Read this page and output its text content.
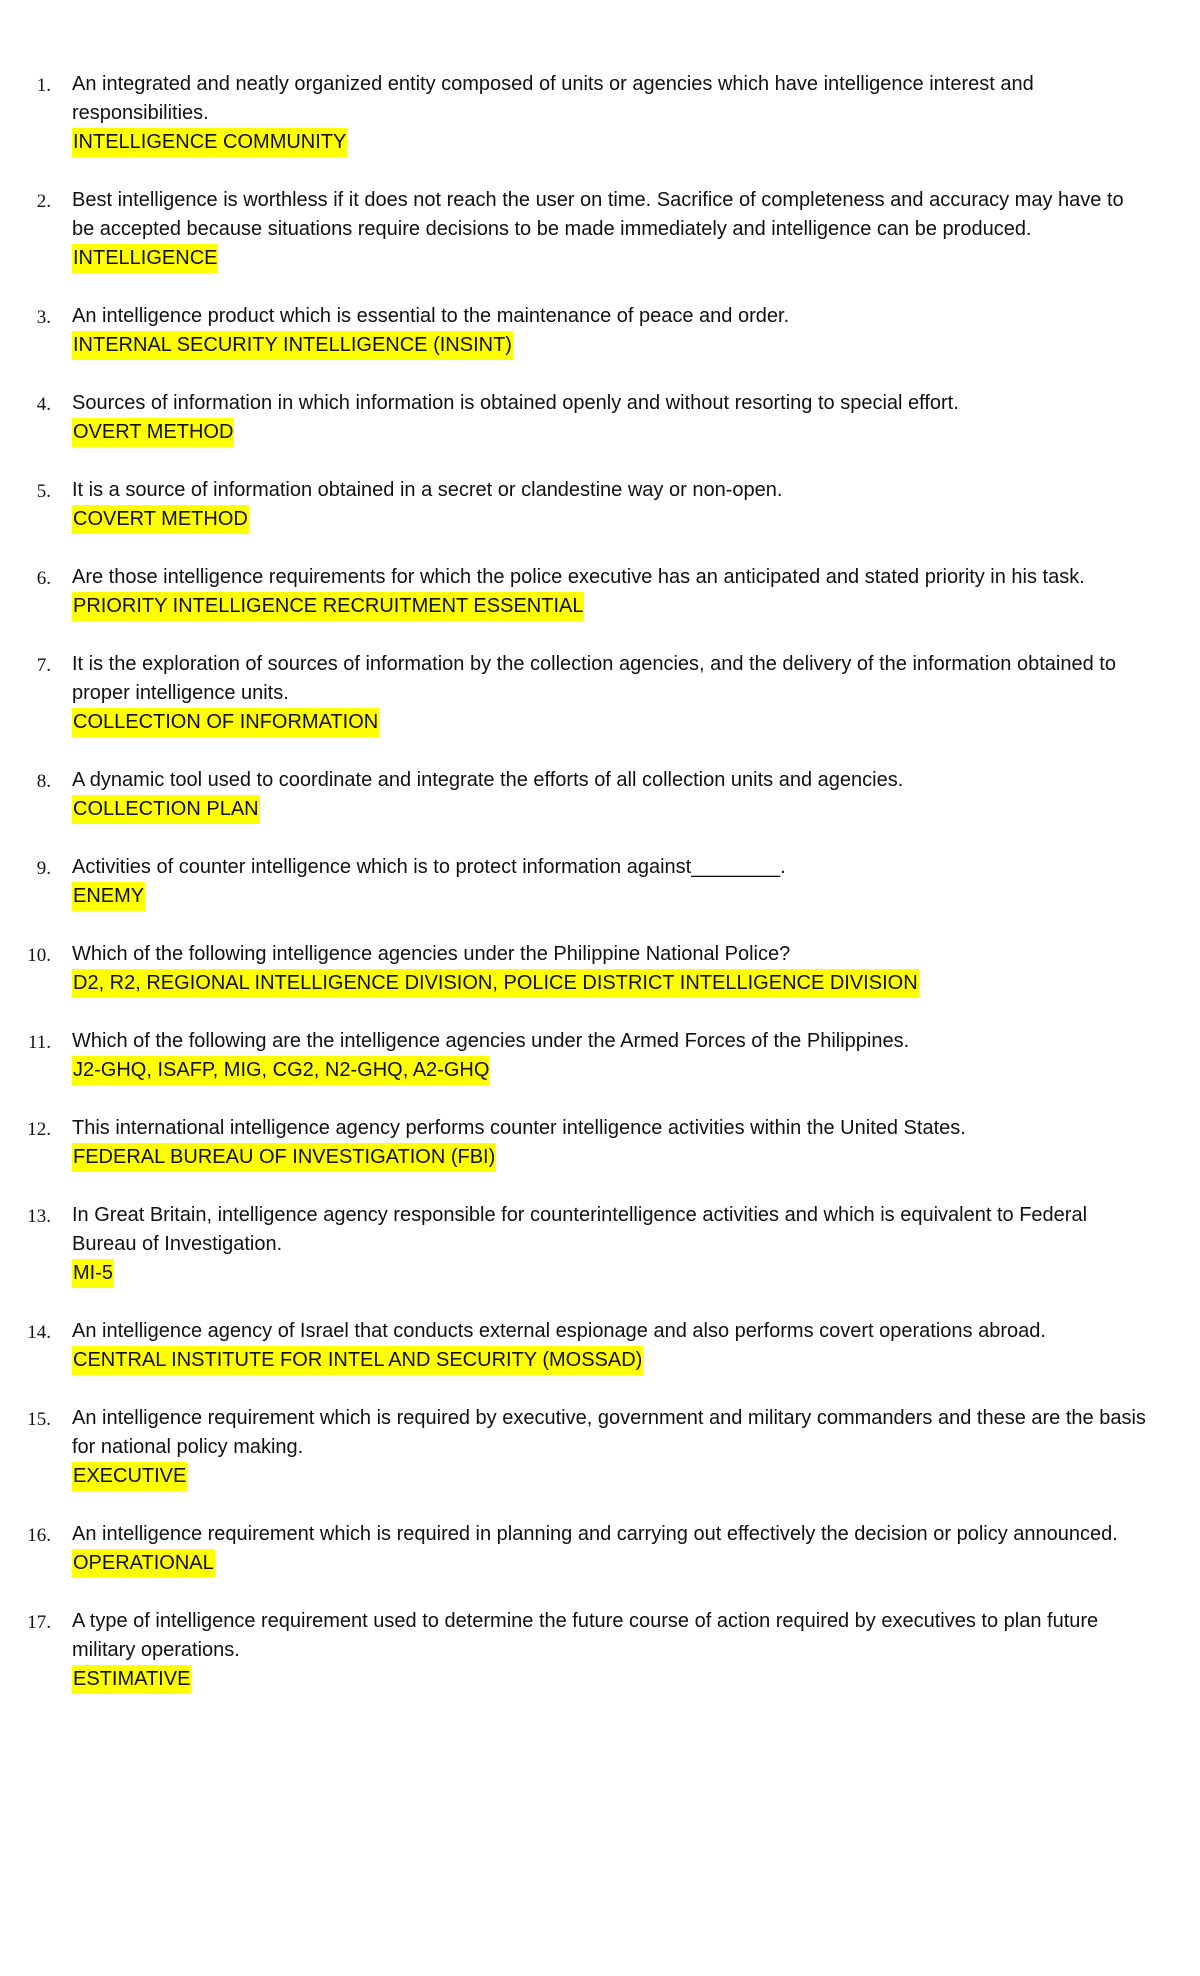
1. An integrated and neatly organized entity composed of units or agencies which have intelligence interest and responsibilities.
INTELLIGENCE COMMUNITY
2. Best intelligence is worthless if it does not reach the user on time. Sacrifice of completeness and accuracy may have to be accepted because situations require decisions to be made immediately and intelligence can be produced.
INTELLIGENCE
3. An intelligence product which is essential to the maintenance of peace and order.
INTERNAL SECURITY INTELLIGENCE (INSINT)
4. Sources of information in which information is obtained openly and without resorting to special effort.
OVERT METHOD
5. It is a source of information obtained in a secret or clandestine way or non-open.
COVERT METHOD
6. Are those intelligence requirements for which the police executive has an anticipated and stated priority in his task.
PRIORITY INTELLIGENCE RECRUITMENT ESSENTIAL
7. It is the exploration of sources of information by the collection agencies, and the delivery of the information obtained to proper intelligence units.
COLLECTION OF INFORMATION
8. A dynamic tool used to coordinate and integrate the efforts of all collection units and agencies.
COLLECTION PLAN
9. Activities of counter intelligence which is to protect information against________.
ENEMY
10. Which of the following intelligence agencies under the Philippine National Police?
D2, R2, REGIONAL INTELLIGENCE DIVISION, POLICE DISTRICT INTELLIGENCE DIVISION
11. Which of the following are the intelligence agencies under the Armed Forces of the Philippines.
J2-GHQ, ISAFP, MIG, CG2, N2-GHQ, A2-GHQ
12. This international intelligence agency performs counter intelligence activities within the United States.
FEDERAL BUREAU OF INVESTIGATION (FBI)
13. In Great Britain, intelligence agency responsible for counterintelligence activities and which is equivalent to Federal Bureau of Investigation.
MI-5
14. An intelligence agency of Israel that conducts external espionage and also performs covert operations abroad.
CENTRAL INSTITUTE FOR INTEL AND SECURITY (MOSSAD)
15. An intelligence requirement which is required by executive, government and military commanders and these are the basis for national policy making.
EXECUTIVE
16. An intelligence requirement which is required in planning and carrying out effectively the decision or policy announced.
OPERATIONAL
17. A type of intelligence requirement used to determine the future course of action required by executives to plan future military operations.
ESTIMATIVE
